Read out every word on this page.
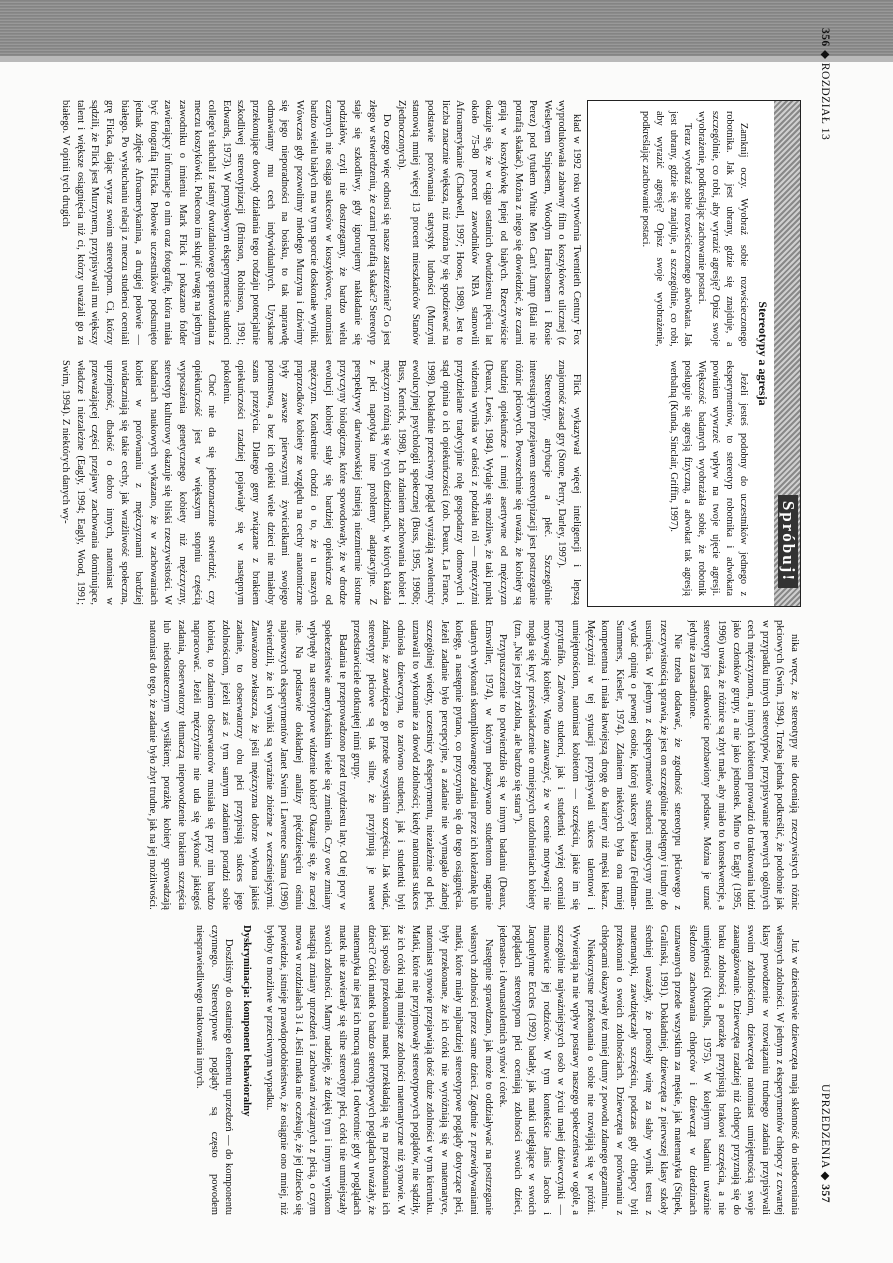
356 ◆ ROZDZIAŁ 13
UPRZEDZENIA ◆ 357
Spróbuj!
Stereotypy a agresja

Zamknij oczy. Wyobraź sobie rozwścieczonego robotnika. Jak jest ubrany, gdzie się znajduje, a szczególnie, co robi, aby wyrazić agresję? Opisz swoje wyobrażenie, podkreślając zachowanie postaci.

Teraz wyobraź sobie rozwścieczonego adwokata. Jak jest ubrany, gdzie się znajduje, a szczególnie, co robi, aby wyrazić agresję? Opisz swoje wyobrażenie, podkreślając zachowanie postaci.

Jeżeli jesteś podobny do uczestników jednego z eksperymentów, to stereotyp robotnika i adwokata powinien wywrzeć wpływ na twoje ujęcie agresji. Większość badanych wyobrażała sobie, że robotnik posługuje się agresją fizyczną, a adwokat tak agresją werbalną (Kunda, Sinclair, Griffin, 1997).

kład w 1992 roku wytwórnia Twentieth Century Fox wyprodukowała zabawny film o koszykówce ulicznej (z Wesleyem Snipesem, Woodym Harrelsonem i Rosie Perez) pod tytułem White Men Can't Jump (Biali nie potrafią skakać). Można z niego się dowiedzieć, że czarni grają w koszykówkę lepiej od białych. Rzeczywiście okazuje się, że w ciągu ostatnich dwudziestu pięciu lat około 75-80 procent zawodników NBA stanowili Afroamerykanie (Chadwell, 1997; Hoose, 1989). Jest to liczba znacznie większa, niż można by się spodziewać na podstawie porównania statystyk ludności (Murzyni stanowią mniej więcej 13 procent mieszkańców Stanów Zjednoczonych).

Do czego więc odnosi się nasze zastrzeżenie? Co jest złego w stwierdzeniu, że czarni potrafią skakać? Stereotyp staje się szkodliwy, gdy ignorujemy nakładanie się podziałów, czyli nie dostrzegamy, że bardzo wielu czarnych nie osiąga sukcesów w koszykówce, natomiast bardzo wielu białych ma w tym sporcie doskonałe wyniki. Wówczas gdy pozwolimy młodego Murzyna i dziwimy się jego nieporadności na boisku, to tak naprawdę odmawiamy mu cech indywidualnych. Uzyskane przekonujące dowody działania tego rodzaju potencjalnie szkodliwej stereotypizacji (Brinson, Robinson, 1991; Edwards, 1973). W pomysłowym eksperymencie studenci college'u słuchali z taśmy dwuzdaniowego sprawozdania z meczu koszykówki. Polecono im skupić uwagę na jednym zawodniku o imieniu Mark Flick i pokazano folder zawierający informacje o nim oraz fotografię, która miała być fotografią Flicka. Połowie uczestników podsunięto jednak zdjęcie Afroamerykanina, a drugiej połowie — białego. Po wysłuchaniu relacji z meczu studenci oceniali grę Flicka, dając wyraz swoim stereotypom. Ci, którzy sądzili, że Flick jest Murzynem, przypisywali mu większy talent i większe osiągnięcia niż ci, którzy uważali go za białego. W opinii tych drugich

Flick wykazywał więcej inteligencji i lepszą znajomość zasad gry (Stone, Perry, Darley, 1997).

Stereotypy, atrybucje a płeć. Szczególnie interesującym przejawem stereotypizacji jest postrzeganie różnic płciowych. Powszechnie się uważa, że kobiety są bardziej opiekuńcze i mniej asertywne od mężczyzn (Deaux, Lewis, 1984). Wydaje się możliwe, że taki punkt widzenia wynika w całości z podziału ról — mężczyźni przydzielane tradycyjnie rolę gospodarzy domowych i stąd opinia o ich opiekuńczości (zob. Deaux, La France, 1998). Dokładnie przeciwny pogląd wyrażają zwolennicy ewolucyjnej psychologii społecznej (Buss, 1995, 1996b; Buss, Kenrick, 1998). Ich zdaniem zachowania kobiet i mężczyzn różnią się w tych dziedzinach, w których każda z płci napotyka inne problemy adaptacyjne. Z perspektywy darwinowskiej istnieją niezmiernie istotne przyczyny biologiczne, które spowodowały, że w drodze ewolucji kobiety stały się bardziej opiekuńcze od mężczyzn. Konkretnie chodzi o to, że u naszych praprzodków kobiety ze względu na cechy anatomiczne były zawsze pierwszymi żywicielkami swojego potomstwa, a bez ich opieki wiele dzieci nie miałoby szans przeżycia. Dlatego geny związane z brakiem opiekuńczości rzadziej pojawiały się w następnym pokoleniu.

Choć nie da się jednoznacznie stwierdzić, czy opiekuńczość jest w większym stopniu częścią wyposażenia genetycznego kobiety niż mężczyzny, stereotyp kulturowy okazuje się bliski rzeczywistości. W badaniach naukowych wykazano, że w zachowaniach kobiet w porównaniu z mężczyznami bardziej uwidaczniają się takie cechy, jak wrażliwość społeczna, uprzejmość, dbałość o dobro innych, natomiast w przeważającej części przejawy zachowania dominujące, władcze i niezależne (Eagly, 1994; Eagly, Wood, 1991; Swim, 1994). Z niektórych danych wy-

nika wręcz, że stereotypy nie doceniają rzeczywistych różnic płciowych (Swim, 1994). Trzeba jednak podkreślić, że podobnie jak w przypadku innych stereotypów, przypisywanie pewnych ogólnych cech mężczyznom, a innych kobietom prowadzi do traktowania ludzi jako członków grupy, a nie jako jednostek. Mino to Eagly (1995, 1996) uważa, że różnice są zbyt małe, aby miało to konsekwencje, a stereotyp jest całkowicie pozbawiony podstaw. Można je uznać jedynie za uzasadnione.

Nie trzeba dodawać, że zgodność stereotypu płciowego z rzeczywistością sprawia, że jest on szczególnie podstępny i trudny do usunięcia. W jednym z eksperymentów studenci medycyny mieli wydać opinię o pewnej osobie, której sukcesy lekarza (Feldman-Summers, Kiesler, 1974). Zdaniem niektórych była ona mniej kompetentna i miała łatwiejszą drogę do kariery niż męski lekarz. Mężczyźni w tej sytuacji przypisywali sukces talentowi i umiejętnościom, natomiast kobietom — szczęściu, jakie im się przytrafiło. Zarówno studenci, jak i studentki wyżej oceniali motywację kobiety. Warto zauważyć, że w ocenie motywacji nie mogła się kryć przeświadczenie o mniejszych uzdolnieniach kobiety (tzn. „Nie jest zbyt zdolna, ale bardzo się stara”).

Przypuszczenie to potwierdziło się w innym badaniu (Deaux, Emswiller, 1974), w którym pokazywano studentom nagranie udanych wykonań skomplikowanego zadania przez ich koleżankę lub kolegę, a następnie pytano, co przyczyniło się do tego osiągnięcia. Jeżeli zadanie było percepcyjne, a zadanie nie wymagało żadnej szczególnej wiedzy, uczestnicy eksperymentu, niezależnie od płci, uznawali to wykonanie za dowód zdolności; kiedy natomiast sukces odniosła dziewczyna, to zarówno studenci, jak i studentki byli zdania, że zawdzięcza go przede wszystkim szczęściu. Jak widać, stereotypy płciowe są tak silne, że przyjmują je nawet przedstawiciele dotkniętej nimi grupy.

Badania te przeprowadzono przed trzydziestu laty. Od tej pory w społeczeństwie amerykańskim wiele się zmieniło. Czy owe zmiany wpłynęły na stereotypowe widzenie kobiet? Okazuje się, że raczej nie. Na podstawie dokładnej analizy pięćdziesięciu ośmiu najnowszych eksperymentów Janet Swim i Lawrence Sanna (1996) stwierdzili, że ich wyniki są wyraźnie zbieżne z wcześniejszymi. Zauważono zwłaszcza, że jeśli mężczyzna dobrze wykona jakieś zadanie, to obserwatorzy obu płci przypisują sukces jego zdolnościom, jeżeli zaś z tym samym zadaniem poradzi sobie kobieta, to zdaniem obserwatorów musiała się przy nim bardzo napracować. Jeżeli mężczyźnie nie uda się wykonać jakiegoś zadania, obserwatorzy tłumaczą niepowodzenie brakiem szczęścia lub niedostatecznym wysiłkiem; porażkę kobiety sprowadzają natomiast do tego, że zadanie było zbyt trudne, jak na jej możliwości.

Już w dzieciństwie dziewczęta mają skłonność do niedoceniania własnych zdolności. W jednym z eksperymentów chłopcy z czwartej klasy powodzenie w rozwiązaniu trudnego zadania przypisywali swoim zdolnościom, dziewczęta natomiast umiejętnością swoje zaaangażowanie. Dziewczęta rzadziej niż chłopcy przyznają się do braku zdolności, a porażkę przypisują brakowi szczęścia, a nie umiejętności (Nicholls, 1975). W kolejnym badaniu uważnie śledzono zachowania chłopców i dziewcząt w dziedzinach uznawanych przede wszystkim za męskie, jak matematyka (Stipek, Gralinski, 1991). Dokładniej, dziewczęta z pierwszej klasy szkoły średniej uważały, że ponosiły winę za słaby wynik testu z matematyki, zawdzięczały szczęściu, podczas gdy chłopcy byli przekonani o swoich zdolnościach. Dziewczęta w porównaniu z chłopcami okazywały też mniej dumy z powodu zdanego egzaminu.

Niekorzystne przekonania o sobie nie rozwijają się w próżni. Wywierają na nie wpływ postawy naszego społeczeństwa w ogóle, a szczególnie najważniejszych osób w życiu małej dziewczynki — mianowicie jej rodziców. W tym kontekście Janis Jacobs i Jacquelynne Eccles (1992) badały, jak matki uległające w swoich poglądach stereotypom płci oceniają zdolności swoich dzieci, jedenasto- i dwunastoletnich synów i córek.

Następnie sprawdzano, jak może to oddziaływać na postrzeganie własnych zdolności przez same dzieci. Zgodnie z przewidywaniami matki, które miały najbardziej stereotypowe poglądy dotyczące płci, były przekonane, że ich córki nie wyróżniają się w matematyce, natomiast synowie przejawiają dość duże zdolności w tym kierunku. Matki, które nie przyjmowały stereotypowych poglądów, nie sądziły, że ich córki mają mniejsze zdolności matematyczne niż synowie. W jaki sposób przekonania matek przekładają się na przekonania ich dzieci? Córki matek o bardzo stereotypowych poglądach uważały, że matematyka nie jest ich mocną stroną. I odwrotnie: gdy w poglądach matek nie zawierały się silne stereotypy płci, córki nie umniejszały swoich zdolności. Mamy nadzieję, że dzięki tym i innym wynikom nastąpią zmiany uprzedzeń i zachowań związanych z płcią, o czym mowa w rozdziałach 3 i 4. Jeśli matka nie oczekuje, że jej dziecko się powiedzie, istnieje prawdopodobieństwo, że osiągnie ono mniej, niż byłoby to możliwe w przeciwnym wypadku.

Dyskryminacja: komponent behawioralny

Doszliśmy do ostatniego elementu uprzedzeń — do komponentu czynnego. Stereotypowe poglądy są często powodem niesprawiedliwego traktowania innych.
